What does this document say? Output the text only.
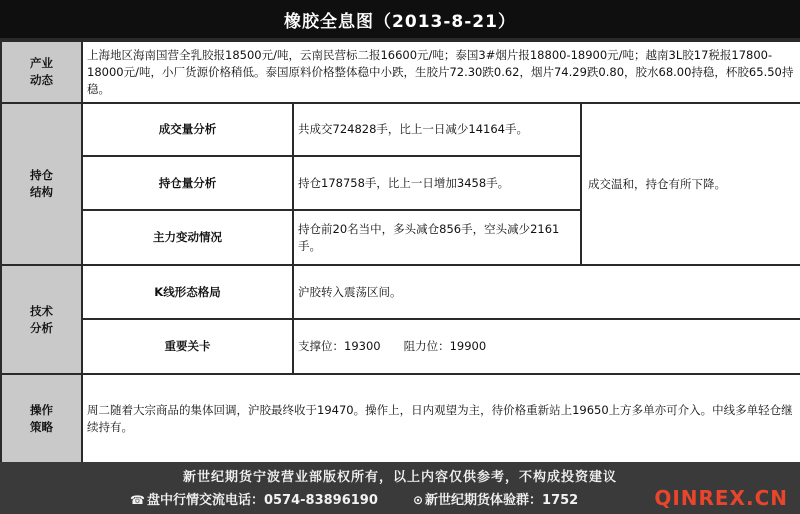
橡胶全息图（2013-8-21）
产业
动态	上海地区海南国营全乳胶报18500元/吨，云南民营标二报16600元/吨；泰国3#烟片报18800-18900元/吨；越南3L胶17税报17800-18000元/吨，小厂货源价格稍低。泰国原料价格整体稳中小跌，生胶片72.30跌0.62，烟片74.29跌0.80，胶水68.00持稳，杯胶65.50持稳。		

持仓
结构	成交量分析	共成交724828手，比上一日减少14164手。	成交温和，持仓有所下降。
	持仓量分析	持仓178758手，比上一日增加3458手。	
	主力变动情况	持仓前20名当中，多头减仓856手，空头减少2161手。	

技术
分析	K线形态格局	沪胶转入震荡区间。	
	重要关卡	支撑位：19300　　阻力位：19900	

操作
策略	周二随着大宗商品的集体回调，沪胶最终收于19470。操作上，日内观望为主，待价格重新站上19650上方多单亦可介入。中线多单轻仓继续持有。		
新世纪期货宁波营业部版权所有，以上内容仅供参考，不构成投资建议
☎ 盘中行情交流电话：0574-83896190	⊙ 新世纪期货体验群：1752	QINREX.CN
